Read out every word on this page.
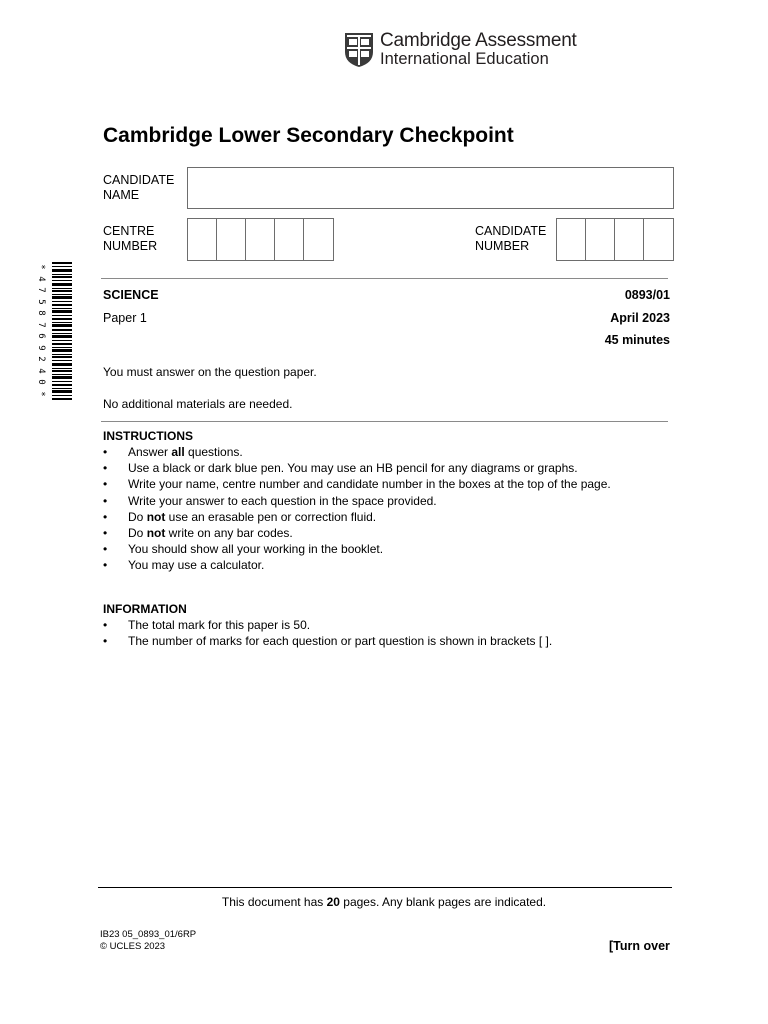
Cambridge Assessment
International Education
Cambridge Lower Secondary Checkpoint
CANDIDATE
NAME
CENTRE
NUMBER
CANDIDATE
NUMBER
*
4
7
5
8
7
6
9
2
4
0
*
SCIENCE	0893/01
Paper 1	April 2023
45 minutes
You must answer on the question paper.
No additional materials are needed.
INSTRUCTIONS
• Answer all questions.
• Use a black or dark blue pen. You may use an HB pencil for any diagrams or graphs.
• Write your name, centre number and candidate number in the boxes at the top of the page.
• Write your answer to each question in the space provided.
• Do not use an erasable pen or correction fluid.
• Do not write on any bar codes.
• You should show all your working in the booklet.
• You may use a calculator.
INFORMATION
• The total mark for this paper is 50.
• The number of marks for each question or part question is shown in brackets [ ].
This document has 20 pages. Any blank pages are indicated.
IB23 05_0893_01/6RP
© UCLES 2023	[Turn over
